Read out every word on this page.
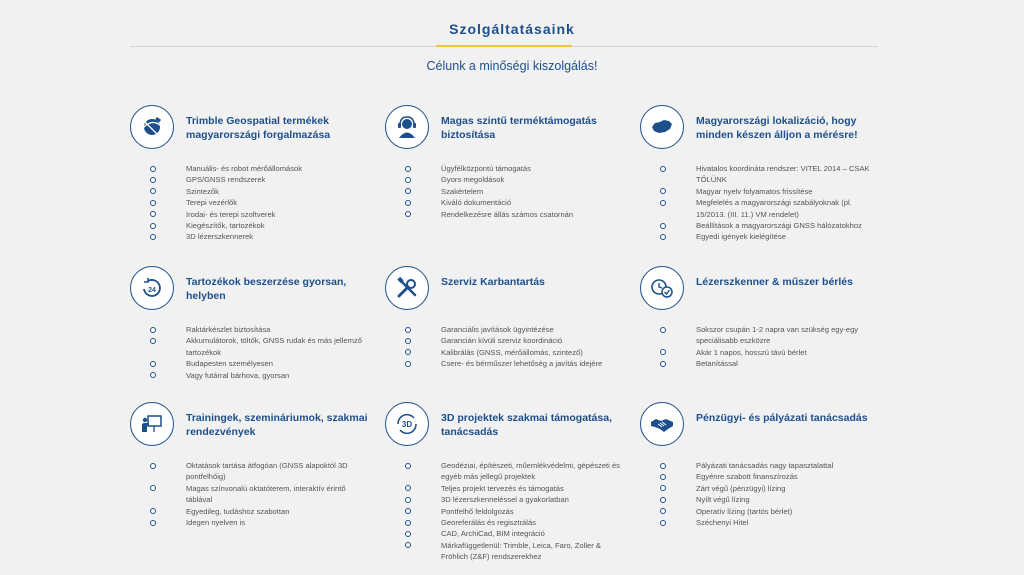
Szolgáltatásaink
Célunk a minőségi kiszolgálás!
Trimble Geospatial termékek magyarországi forgalmazása
Manuális- és robot mérőállomások
GPS/GNSS rendszerek
Szintezők
Terepi vezérlők
Irodai- és terepi szoftverek
Kiegészítők, tartozékok
3D lézerszkennerek
Magas szintű terméktámogatás biztosítása
Ügyfélközpontú támogatás
Gyors megoldások
Szakértelem
Kiváló dokumentáció
Rendelkezésre állás számos csatornán
Magyarországi lokalizáció, hogy minden készen álljon a mérésre!
Hivatalos koordináta rendszer: VITEL 2014 – CSAK TŐLÜNK
Magyar nyelv folyamatos frissítése
Megfelelés a magyarországi szabályoknak (pl. 15/2013. (III. 11.) VM rendelet)
Beállítások a magyarországi GNSS hálózatokhoz
Egyedi igények kielégítése
24
Tartozékok beszerzése gyorsan, helyben
Raktárkészlet biztosítása
Akkumulátorok, töltők, GNSS rudak és más jellemző tartozékok
Budapesten személyesen
Vagy futárral bárhova, gyorsan
Szerviz Karbantartás
Garanciális javítások ügyintézése
Garancián kívüli szerviz koordináció
Kalibrálás (GNSS, mérőállomás, szintező)
Csere- és bérműszer lehetőség a javítás idejére
Lézerszkenner & műszer bérlés
Sokszor csupán 1-2 napra van szükség egy-egy speciálisabb eszközre
Akár 1 napos, hosszú távú bérlet
Betanítással
Trainingek, szemináriumok, szakmai rendezvények
Oktatások tartása átfogóan (GNSS alapoktól 3D pontfelhőig)
Magas színvonalú oktatóterem, interaktív érintő táblával
Egyedileg, tudáshoz szabottan
Idegen nyelven is
3D
3D projektek szakmai támogatása, tanácsadás
Geodéziai, építészeti, műemlékvédelmi, gépészeti és egyéb más jellegű projektek
Teljes projekt tervezés és támogatás
3D lézerszkenneléssel a gyakorlatban
Pontfelhő feldolgozás
Georeferálás és regisztrálás
CAD, ArchiCad, BIM integráció
Márkafüggetlenül: Trimble, Leica, Faro, Zoller & Fröhlich (Z&F) rendszerekhez
Pénzügyi- és pályázati tanácsadás
Pályázati tanácsadás nagy tapasztalattal
Egyénre szabott finanszírozás
Zárt végű (pénzügyi) lízing
Nyílt végű lízing
Operatív lízing (tartós bérlet)
Széchenyi Hitel
